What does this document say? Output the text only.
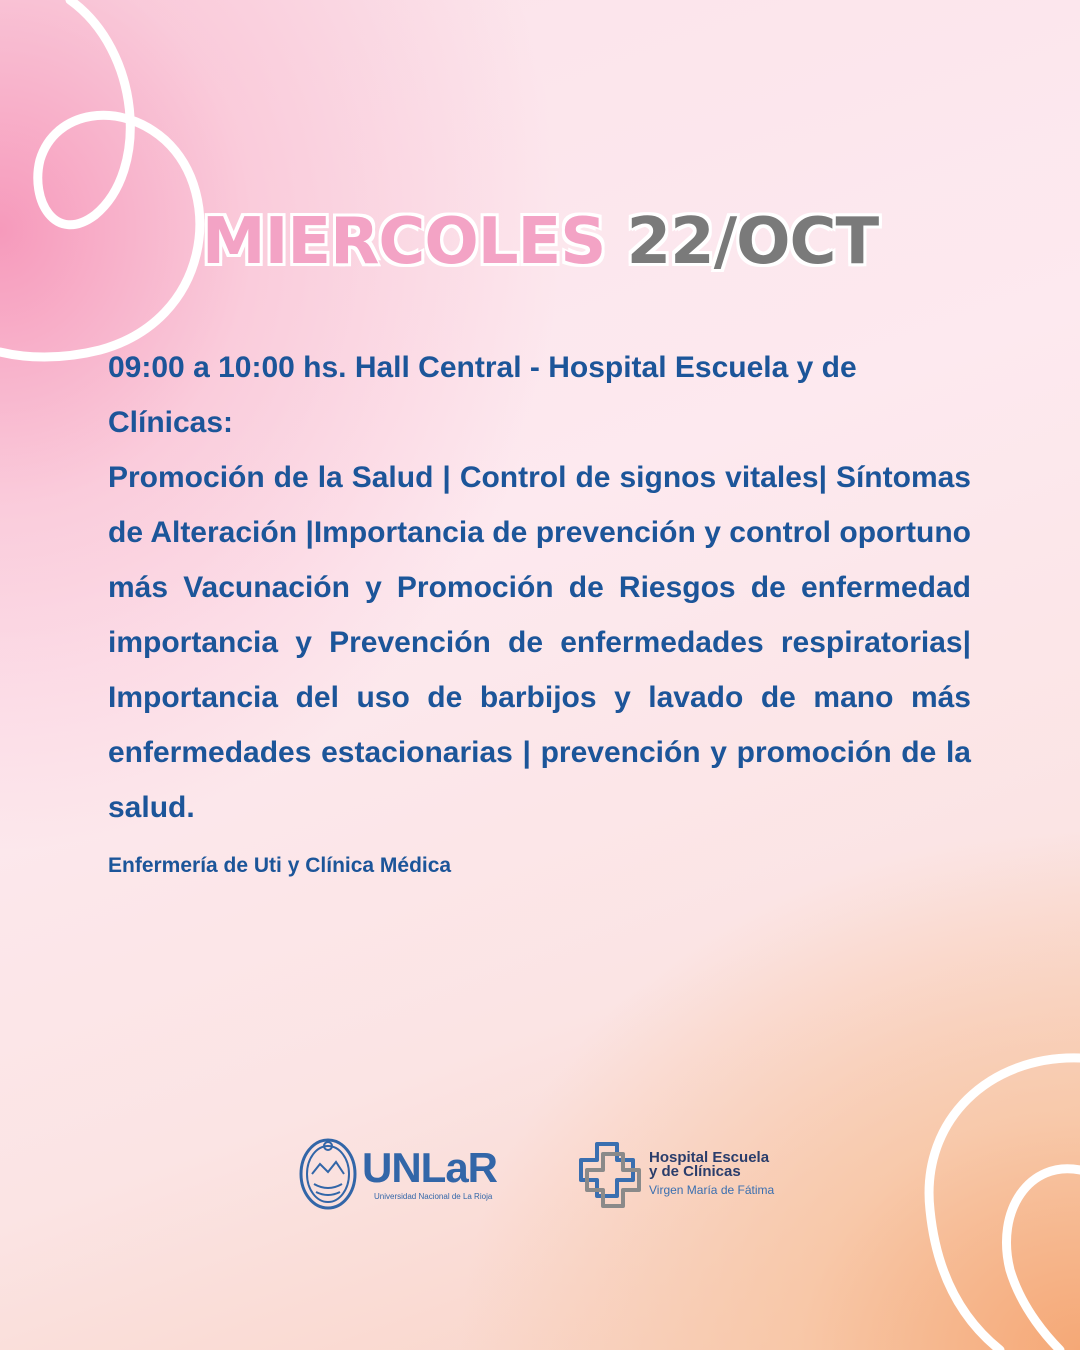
MIERCOLES 22/OCT

09:00 a 10:00 hs. Hall Central - Hospital Escuela y de Clínicas:

Promoción de la Salud | Control de signos vitales| Síntomas de Alteración |Importancia de prevención y control oportuno más Vacunación y Promoción de Riesgos de enfermedad importancia y Prevención de enfermedades respiratorias| Importancia del uso de barbijos y lavado de mano más enfermedades estacionarias | prevención y promoción de la salud.

Enfermería de Uti y Clínica Médica
UNLaR
Universidad Nacional de La Rioja
Hospital Escuela
y de Clínicas
Virgen María de Fátima
